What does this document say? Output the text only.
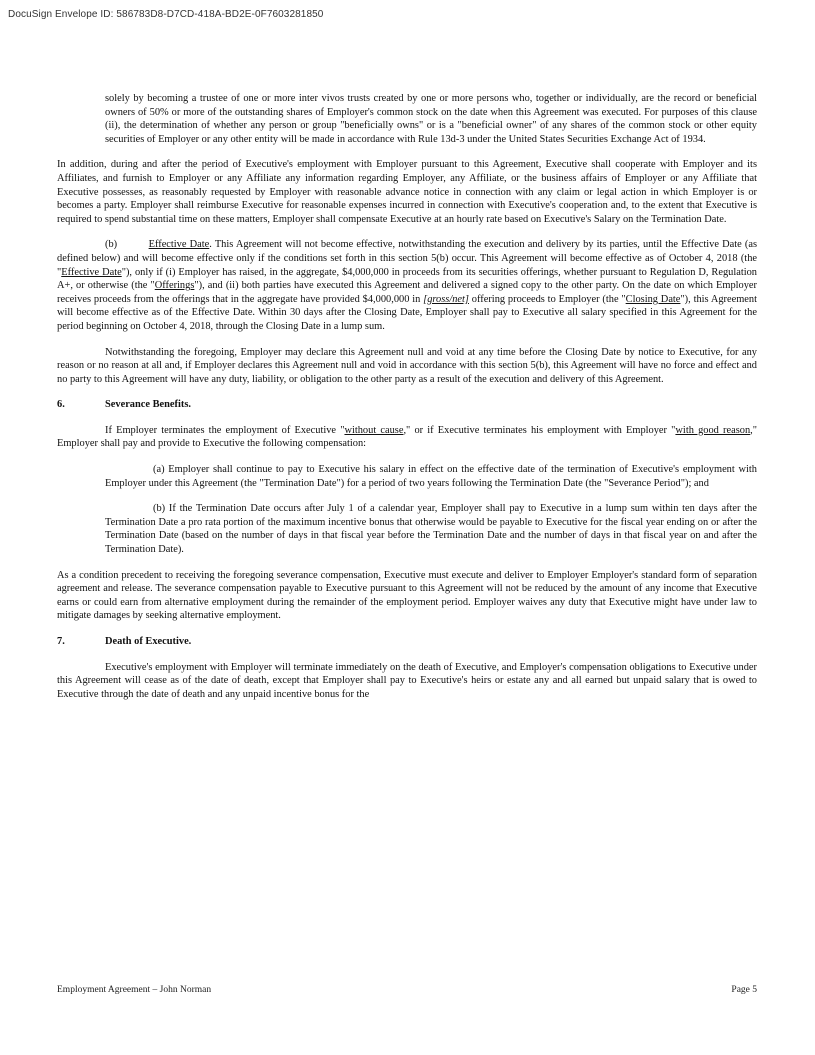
DocuSign Envelope ID: 586783D8-D7CD-418A-BD2E-0F7603281850

solely by becoming a trustee of one or more inter vivos trusts created by one or more persons who, together or individually, are the record or beneficial owners of 50% or more of the outstanding shares of Employer's common stock on the date when this Agreement was executed. For purposes of this clause (ii), the determination of whether any person or group "beneficially owns" or is a "beneficial owner" of any shares of the common stock or other equity securities of Employer or any other entity will be made in accordance with Rule 13d-3 under the United States Securities Exchange Act of 1934.

In addition, during and after the period of Executive's employment with Employer pursuant to this Agreement, Executive shall cooperate with Employer and its Affiliates, and furnish to Employer or any Affiliate any information regarding Employer, any Affiliate, or the business affairs of Employer or any Affiliate that Executive possesses, as reasonably requested by Employer with reasonable advance notice in connection with any claim or legal action in which Employer is or becomes a party. Employer shall reimburse Executive for reasonable expenses incurred in connection with Executive's cooperation and, to the extent that Executive is required to spend substantial time on these matters, Employer shall compensate Executive at an hourly rate based on Executive's Salary on the Termination Date.

(b)	Effective Date. This Agreement will not become effective, notwithstanding the execution and delivery by its parties, until the Effective Date (as defined below) and will become effective only if the conditions set forth in this section 5(b) occur. This Agreement will become effective as of October 4, 2018 (the "Effective Date"), only if (i) Employer has raised, in the aggregate, $4,000,000 in proceeds from its securities offerings, whether pursuant to Regulation D, Regulation A+, or otherwise (the "Offerings"), and (ii) both parties have executed this Agreement and delivered a signed copy to the other party. On the date on which Employer receives proceeds from the offerings that in the aggregate have provided $4,000,000 in [gross/net] offering proceeds to Employer (the "Closing Date"), this Agreement will become effective as of the Effective Date. Within 30 days after the Closing Date, Employer shall pay to Executive all salary specified in this Agreement for the period beginning on October 4, 2018, through the Closing Date in a lump sum.

Notwithstanding the foregoing, Employer may declare this Agreement null and void at any time before the Closing Date by notice to Executive, for any reason or no reason at all and, if Employer declares this Agreement null and void in accordance with this section 5(b), this Agreement will have no force and effect and no party to this Agreement will have any duty, liability, or obligation to the other party as a result of the execution and delivery of this Agreement.

6.	Severance Benefits.

If Employer terminates the employment of Executive "without cause," or if Executive terminates his employment with Employer "with good reason," Employer shall pay and provide to Executive the following compensation:

(a) Employer shall continue to pay to Executive his salary in effect on the effective date of the termination of Executive's employment with Employer under this Agreement (the "Termination Date") for a period of two years following the Termination Date (the "Severance Period"); and

(b) If the Termination Date occurs after July 1 of a calendar year, Employer shall pay to Executive in a lump sum within ten days after the Termination Date a pro rata portion of the maximum incentive bonus that otherwise would be payable to Executive for the fiscal year ending on or after the Termination Date (based on the number of days in that fiscal year before the Termination Date and the number of days in that fiscal year on and after the Termination Date).

As a condition precedent to receiving the foregoing severance compensation, Executive must execute and deliver to Employer Employer's standard form of separation agreement and release. The severance compensation payable to Executive pursuant to this Agreement will not be reduced by the amount of any income that Executive earns or could earn from alternative employment during the remainder of the employment period. Employer waives any duty that Executive might have under law to mitigate damages by seeking alternative employment.

7.	Death of Executive.

Executive's employment with Employer will terminate immediately on the death of Executive, and Employer's compensation obligations to Executive under this Agreement will cease as of the date of death, except that Employer shall pay to Executive's heirs or estate any and all earned but unpaid salary that is owed to Executive through the date of death and any unpaid incentive bonus for the

Employment Agreement – John Norman	Page 5
